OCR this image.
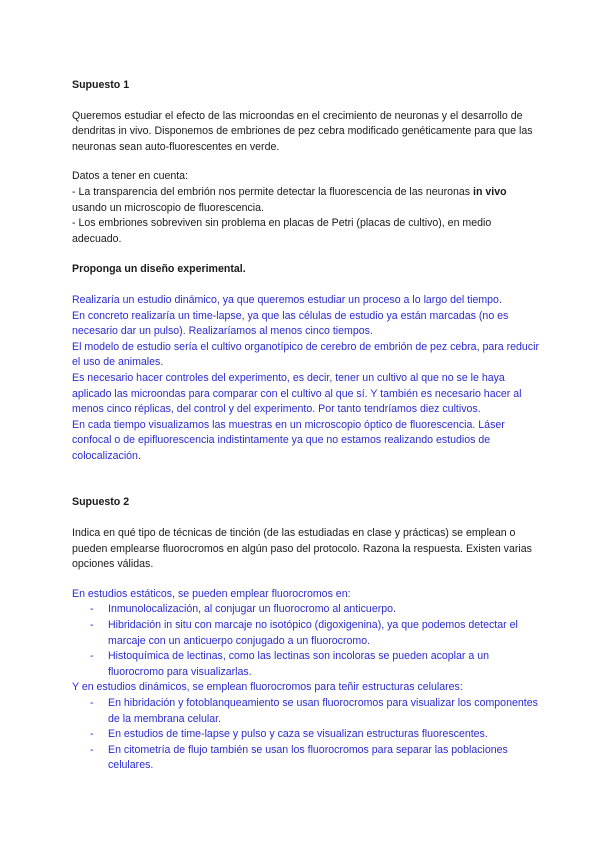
Supuesto 1

Queremos estudiar el efecto de las microondas en el crecimiento de neuronas y el desarrollo de dendritas in vivo. Disponemos de embriones de pez cebra modificado genéticamente para que las neuronas sean auto-fluorescentes en verde.

Datos a tener en cuenta:

- La transparencia del embrión nos permite detectar la fluorescencia de las neuronas in vivo usando un microscopio de fluorescencia.

- Los embriones sobreviven sin problema en placas de Petri (placas de cultivo), en medio adecuado.

Proponga un diseño experimental.

Realizaría un estudio dinámico, ya que queremos estudiar un proceso a lo largo del tiempo.

En concreto realizaría un time-lapse, ya que las células de estudio ya están marcadas (no es necesario dar un pulso). Realizaríamos al menos cinco tiempos.

El modelo de estudio sería el cultivo organotípico de cerebro de embrión de pez cebra, para reducir el uso de animales.

Es necesario hacer controles del experimento, es decir, tener un cultivo al que no se le haya aplicado las microondas para comparar con el cultivo al que sí. Y también es necesario hacer al menos cinco réplicas, del control y del experimento. Por tanto tendríamos diez cultivos.

En cada tiempo visualizamos las muestras en un microscopio óptico de fluorescencia. Láser confocal o de epifluorescencia indistintamente ya que no estamos realizando estudios de colocalización.

Supuesto 2

Indica en qué tipo de técnicas de tinción (de las estudiadas en clase y prácticas) se emplean o pueden emplearse fluorocromos en algún paso del protocolo. Razona la respuesta. Existen varias opciones válidas.

En estudios estáticos, se pueden emplear fluorocromos en:

- Inmunolocalización, al conjugar un fluorocromo al anticuerpo.
- Hibridación in situ con marcaje no isotópico (digoxigenina), ya que podemos detectar el marcaje con un anticuerpo conjugado a un fluorocromo.
- Histoquímica de lectinas, como las lectinas son incoloras se pueden acoplar a un fluorocromo para visualizarlas.

Y en estudios dinámicos, se emplean fluorocromos para teñir estructuras celulares:

- En hibridación y fotoblanqueamiento se usan fluorocromos para visualizar los componentes de la membrana celular.
- En estudios de time-lapse y pulso y caza se visualizan estructuras fluorescentes.
- En citometría de flujo también se usan los fluorocromos para separar las poblaciones celulares.
